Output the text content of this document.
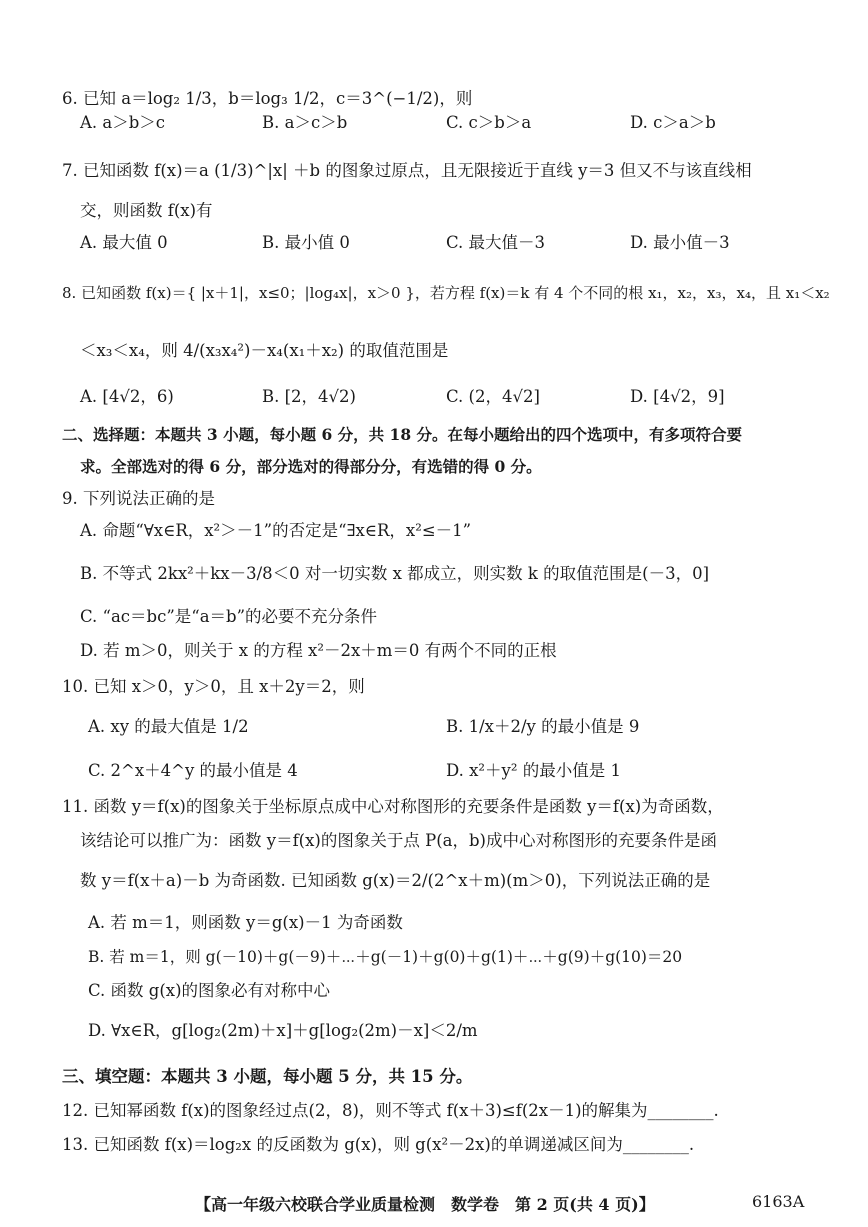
6. 已知 a＝log₂ 1/3，b＝log₃ 1/2，c＝3^(−1/2)，则
A. a＞b＞c	B. a＞c＞b	C. c＞b＞a	D. c＞a＞b
7. 已知函数 f(x)＝a (1/3)^|x| ＋b 的图象过原点，且无限接近于直线 y＝3 但又不与该直线相
交，则函数 f(x)有
A. 最大值 0	B. 最小值 0	C. 最大值－3	D. 最小值－3
8. 已知函数 f(x)＝{ |x＋1|，x≤0；|log₄x|，x＞0 }，若方程 f(x)＝k 有 4 个不同的根 x₁，x₂，x₃，x₄，且 x₁＜x₂
＜x₃＜x₄，则 4/(x₃x₄²)－x₄(x₁＋x₂) 的取值范围是
A. [4√2，6)	B. [2，4√2)	C. (2，4√2]	D. [4√2，9]
二、选择题：本题共 3 小题，每小题 6 分，共 18 分。在每小题给出的四个选项中，有多项符合要
求。全部选对的得 6 分，部分选对的得部分分，有选错的得 0 分。
9. 下列说法正确的是
A. 命题“∀x∈R，x²＞－1”的否定是“∃x∈R，x²≤－1”
B. 不等式 2kx²＋kx－3/8＜0 对一切实数 x 都成立，则实数 k 的取值范围是(－3，0]
C. “ac＝bc”是“a＝b”的必要不充分条件
D. 若 m＞0，则关于 x 的方程 x²－2x＋m＝0 有两个不同的正根
10. 已知 x＞0，y＞0，且 x＋2y＝2，则
A. xy 的最大值是 1/2	B. 1/x＋2/y 的最小值是 9
C. 2^x＋4^y 的最小值是 4	D. x²＋y² 的最小值是 1
11. 函数 y＝f(x)的图象关于坐标原点成中心对称图形的充要条件是函数 y＝f(x)为奇函数，
该结论可以推广为：函数 y＝f(x)的图象关于点 P(a，b)成中心对称图形的充要条件是函
数 y＝f(x＋a)－b 为奇函数. 已知函数 g(x)＝2/(2^x＋m)(m＞0)，下列说法正确的是
A. 若 m＝1，则函数 y＝g(x)－1 为奇函数
B. 若 m＝1，则 g(－10)＋g(－9)＋⋯＋g(－1)＋g(0)＋g(1)＋⋯＋g(9)＋g(10)＝20
C. 函数 g(x)的图象必有对称中心
D. ∀x∈R，g[log₂(2m)＋x]＋g[log₂(2m)－x]＜2/m
三、填空题：本题共 3 小题，每小题 5 分，共 15 分。
12. 已知幂函数 f(x)的图象经过点(2，8)，则不等式 f(x＋3)≤f(2x－1)的解集为________.
13. 已知函数 f(x)＝log₂x 的反函数为 g(x)，则 g(x²－2x)的单调递减区间为________.
【高一年级六校联合学业质量检测　数学卷　第 2 页(共 4 页)】	6163A
